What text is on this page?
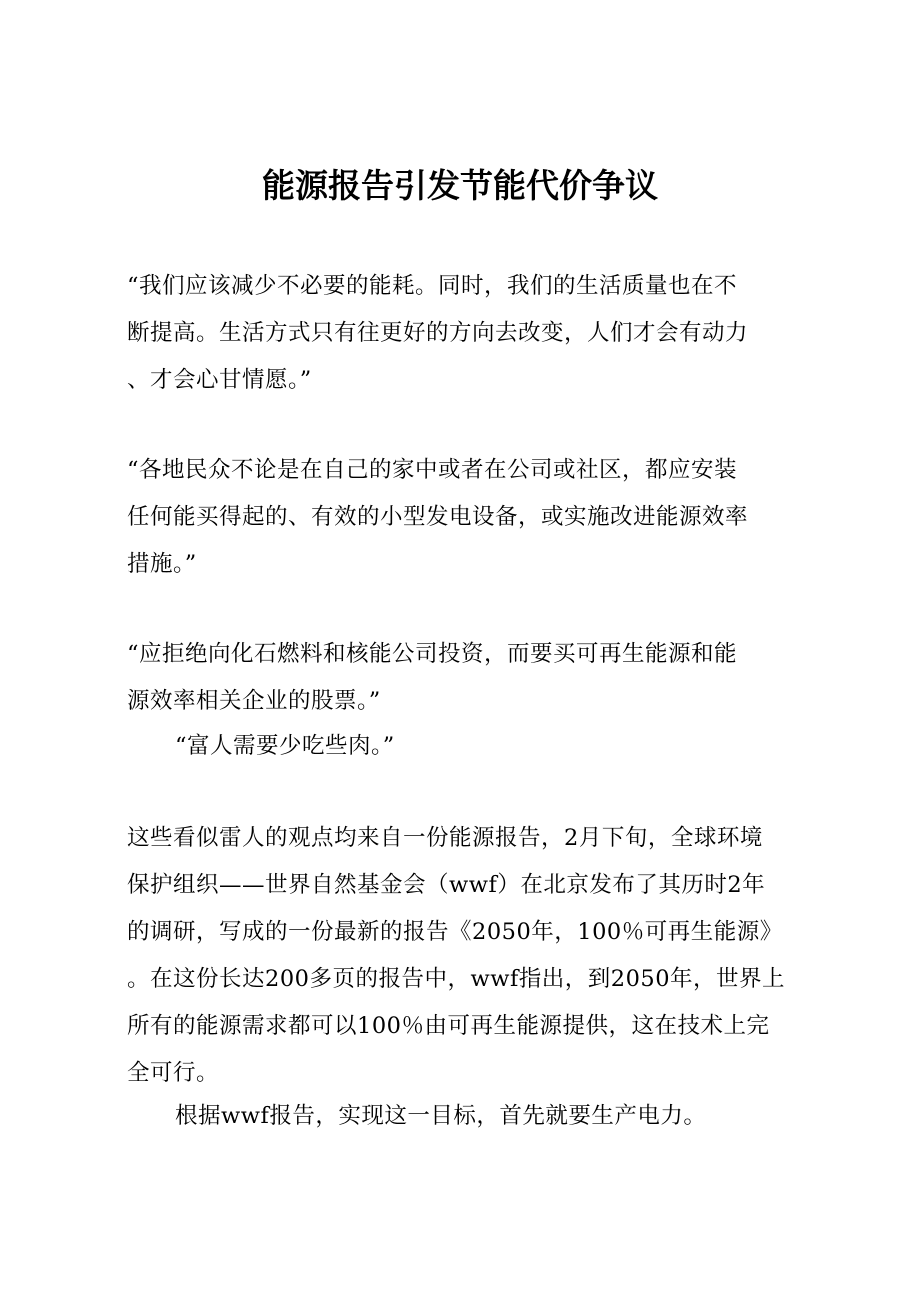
能源报告引发节能代价争议
“我们应该减少不必要的能耗。同时，我们的生活质量也在不
断提高。生活方式只有往更好的方向去改变，人们才会有动力
、才会心甘情愿。”
“各地民众不论是在自己的家中或者在公司或社区，都应安装
任何能买得起的、有效的小型发电设备，或实施改进能源效率
措施。”
“应拒绝向化石燃料和核能公司投资，而要买可再生能源和能
源效率相关企业的股票。”
“富人需要少吃些肉。”
这些看似雷人的观点均来自一份能源报告，2月下旬，全球环境
保护组织——世界自然基金会（wwf）在北京发布了其历时2年
的调研，写成的一份最新的报告《2050年，100％可再生能源》
。在这份长达200多页的报告中，wwf指出，到2050年，世界上
所有的能源需求都可以100％由可再生能源提供，这在技术上完
全可行。
根据wwf报告，实现这一目标，首先就要生产电力。
